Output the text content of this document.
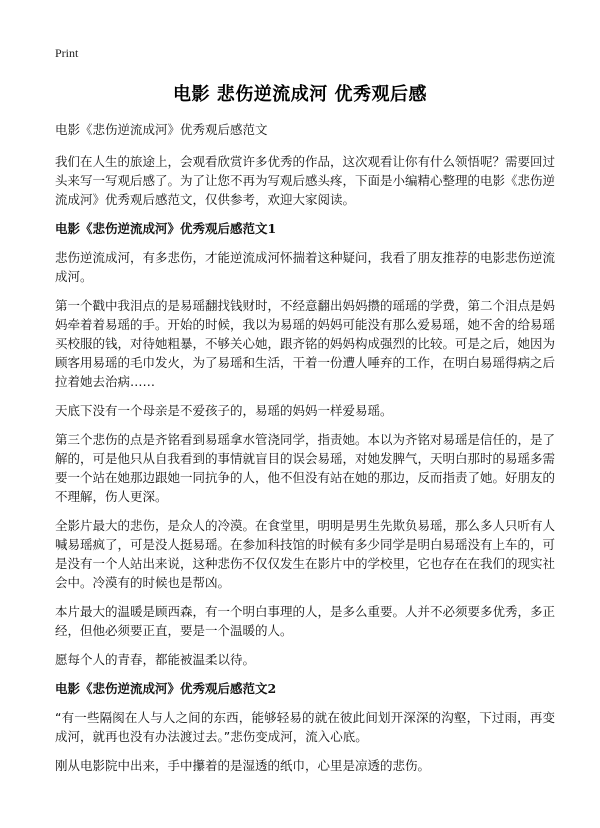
Print
电影 悲伤逆流成河 优秀观后感

电影《悲伤逆流成河》优秀观后感范文

我们在人生的旅途上，会观看欣赏许多优秀的作品，这次观看让你有什么领悟呢？需要回过头来写一写观后感了。为了让您不再为写观后感头疼，下面是小编精心整理的电影《悲伤逆流成河》优秀观后感范文，仅供参考，欢迎大家阅读。

电影《悲伤逆流成河》优秀观后感范文1

悲伤逆流成河，有多悲伤，才能逆流成河怀揣着这种疑问，我看了朋友推荐的电影悲伤逆流成河。

第一个戳中我泪点的是易瑶翻找钱财时，不经意翻出妈妈攒的瑶瑶的学费，第二个泪点是妈妈牵着着易瑶的手。开始的时候，我以为易瑶的妈妈可能没有那么爱易瑶，她不舍的给易瑶买校服的钱，对待她粗暴，不够关心她，跟齐铭的妈妈构成强烈的比较。可是之后，她因为顾客用易瑶的毛巾发火，为了易瑶和生活，干着一份遭人唾弃的工作，在明白易瑶得病之后拉着她去治病……

天底下没有一个母亲是不爱孩子的，易瑶的妈妈一样爱易瑶。

第三个悲伤的点是齐铭看到易瑶拿水管浇同学，指责她。本以为齐铭对易瑶是信任的，是了解的，可是他只从自我看到的事情就盲目的误会易瑶，对她发脾气，天明白那时的易瑶多需要一个站在她那边跟她一同抗争的人，他不但没有站在她的那边，反而指责了她。好朋友的不理解，伤人更深。

全影片最大的悲伤，是众人的冷漠。在食堂里，明明是男生先欺负易瑶，那么多人只听有人喊易瑶疯了，可是没人挺易瑶。在参加科技馆的时候有多少同学是明白易瑶没有上车的，可是没有一个人站出来说，这种悲伤不仅仅发生在影片中的学校里，它也存在在我们的现实社会中。冷漠有的时候也是帮凶。

本片最大的温暖是顾西森，有一个明白事理的人，是多么重要。人并不必须要多优秀，多正经，但他必须要正直，要是一个温暖的人。

愿每个人的青春，都能被温柔以待。

电影《悲伤逆流成河》优秀观后感范文2

“有一些隔阂在人与人之间的东西，能够轻易的就在彼此间划开深深的沟壑，下过雨，再变成河，就再也没有办法渡过去。”悲伤变成河，流入心底。

刚从电影院中出来，手中攥着的是湿透的纸巾，心里是凉透的悲伤。
